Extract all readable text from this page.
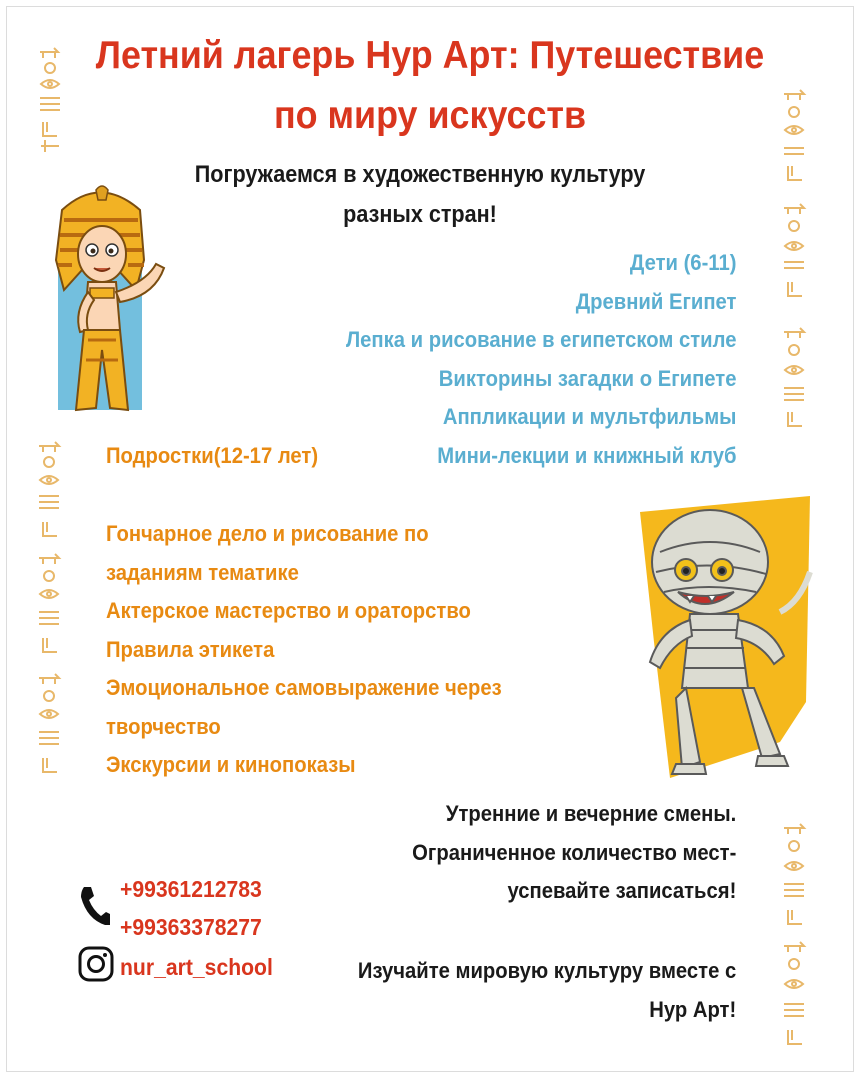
Летний лагерь Нур Арт: Путешествие
по миру искусств
Погружаемся в художественную культуру
разных стран!
Дети (6-11)
Древний Египет
Лепка и рисование в египетском стиле
Викторины загадки о Египете
Аппликации и мультфильмы
Мини-лекции и книжный клуб
Подростки(12-17 лет)
Гончарное дело и рисование по
заданиям тематике
Актерское мастерство и ораторство
Правила этикета
Эмоциональное самовыражение через
творчество
Экскурсии и кинопоказы
Утренние и вечерние смены.
Ограниченное количество мест-
успевайте записаться!
+99361212783
+99363378277
nur_art_school	Изучайте мировую культуру вместе с
Нур Арт!
